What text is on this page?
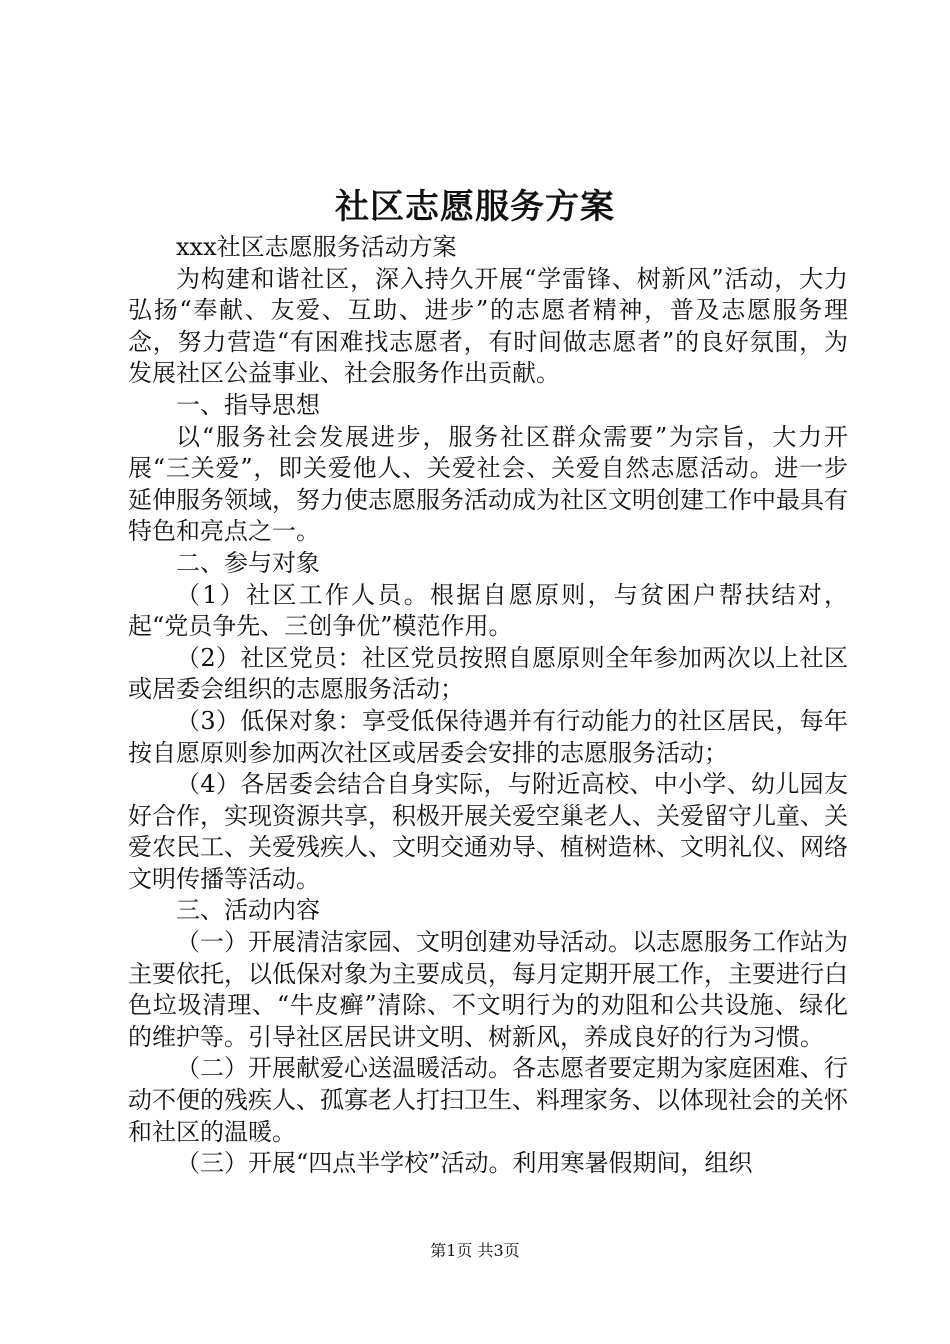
社区志愿服务方案

xxx社区志愿服务活动方案

为构建和谐社区，深入持久开展“学雷锋、树新风”活动，大力弘扬“奉献、友爱、互助、进步”的志愿者精神，普及志愿服务理念，努力营造“有困难找志愿者，有时间做志愿者”的良好氛围，为发展社区公益事业、社会服务作出贡献。

一、指导思想

以“服务社会发展进步，服务社区群众需要”为宗旨，大力开展“三关爱”，即关爱他人、关爱社会、关爱自然志愿活动。进一步延伸服务领域，努力使志愿服务活动成为社区文明创建工作中最具有特色和亮点之一。

二、参与对象

（1）社区工作人员。根据自愿原则，与贫困户帮扶结对，起“党员争先、三创争优”模范作用。

（2）社区党员：社区党员按照自愿原则全年参加两次以上社区或居委会组织的志愿服务活动；

（3）低保对象：享受低保待遇并有行动能力的社区居民，每年按自愿原则参加两次社区或居委会安排的志愿服务活动；

（4）各居委会结合自身实际，与附近高校、中小学、幼儿园友好合作，实现资源共享，积极开展关爱空巢老人、关爱留守儿童、关爱农民工、关爱残疾人、文明交通劝导、植树造林、文明礼仪、网络文明传播等活动。

三、活动内容

（一）开展清洁家园、文明创建劝导活动。以志愿服务工作站为主要依托，以低保对象为主要成员，每月定期开展工作，主要进行白色垃圾清理、“牛皮癣”清除、不文明行为的劝阻和公共设施、绿化的维护等。引导社区居民讲文明、树新风，养成良好的行为习惯。

（二）开展献爱心送温暖活动。各志愿者要定期为家庭困难、行动不便的残疾人、孤寡老人打扫卫生、料理家务、以体现社会的关怀和社区的温暖。

（三）开展“四点半学校”活动。利用寒暑假期间，组织

第1页 共3页
